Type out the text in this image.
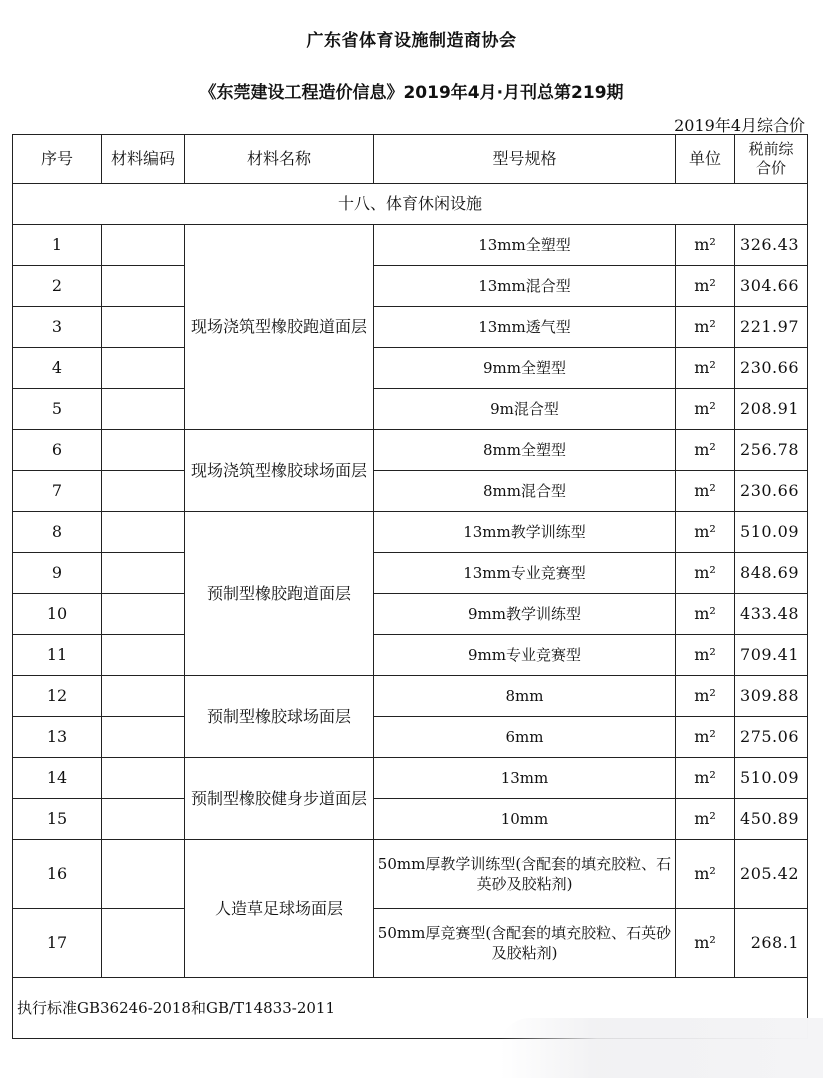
广东省体育设施制造商协会
《东莞建设工程造价信息》2019年4月·月刊总第219期
2019年4月综合价
序号	材料编码	材料名称	型号规格	单位	税前综
合价
十八、体育休闲设施					
1		现场浇筑型橡胶跑道面层	13mm全塑型	m²	326.43
2			13mm混合型	m²	304.66
3			13mm透气型	m²	221.97
4			9mm全塑型	m²	230.66
5			9m混合型	m²	208.91
6		现场浇筑型橡胶球场面层	8mm全塑型	m²	256.78
7			8mm混合型	m²	230.66
8		预制型橡胶跑道面层	13mm教学训练型	m²	510.09
9			13mm专业竞赛型	m²	848.69
10			9mm教学训练型	m²	433.48
11			9mm专业竞赛型	m²	709.41
12		预制型橡胶球场面层	8mm	m²	309.88
13			6mm	m²	275.06
14		预制型橡胶健身步道面层	13mm	m²	510.09
15			10mm	m²	450.89
16		人造草足球场面层	50mm厚教学训练型(含配套的填充胶粒、石英砂及胶粘剂)	m²	205.42
17			50mm厚竞赛型(含配套的填充胶粒、石英砂及胶粘剂)	m²	268.1
执行标准GB36246-2018和GB/T14833-2011					
